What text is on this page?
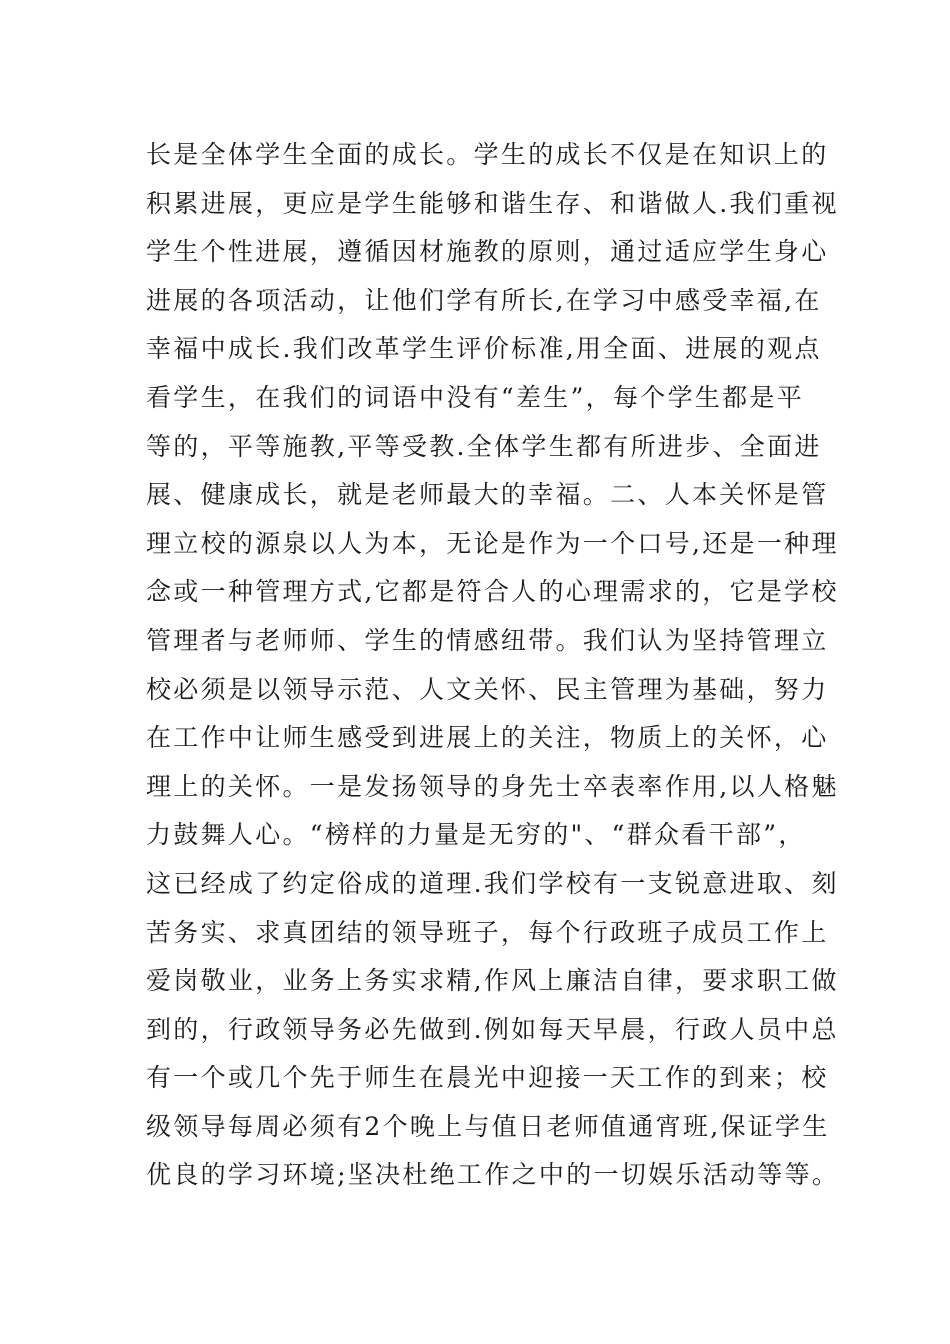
长是全体学生全面的成长。学生的成长不仅是在知识上的
积累进展，更应是学生能够和谐生存、和谐做人.我们重视
学生个性进展，遵循因材施教的原则，通过适应学生身心
进展的各项活动，让他们学有所长,在学习中感受幸福,在
幸福中成长.我们改革学生评价标准,用全面、进展的观点
看学生，在我们的词语中没有“差生”，每个学生都是平
等的，平等施教,平等受教.全体学生都有所进步、全面进
展、健康成长，就是老师最大的幸福。二、人本关怀是管
理立校的源泉以人为本，无论是作为一个口号,还是一种理
念或一种管理方式,它都是符合人的心理需求的，它是学校
管理者与老师师、学生的情感纽带。我们认为坚持管理立
校必须是以领导示范、人文关怀、民主管理为基础，努力
在工作中让师生感受到进展上的关注，物质上的关怀，心
理上的关怀。一是发扬领导的身先士卒表率作用,以人格魅
力鼓舞人心。“榜样的力量是无穷的"、“群众看干部”，
这已经成了约定俗成的道理.我们学校有一支锐意进取、刻
苦务实、求真团结的领导班子，每个行政班子成员工作上
爱岗敬业，业务上务实求精,作风上廉洁自律，要求职工做
到的，行政领导务必先做到.例如每天早晨，行政人员中总
有一个或几个先于师生在晨光中迎接一天工作的到来；校
级领导每周必须有2个晚上与值日老师值通宵班,保证学生
优良的学习环境;坚决杜绝工作之中的一切娱乐活动等等。
